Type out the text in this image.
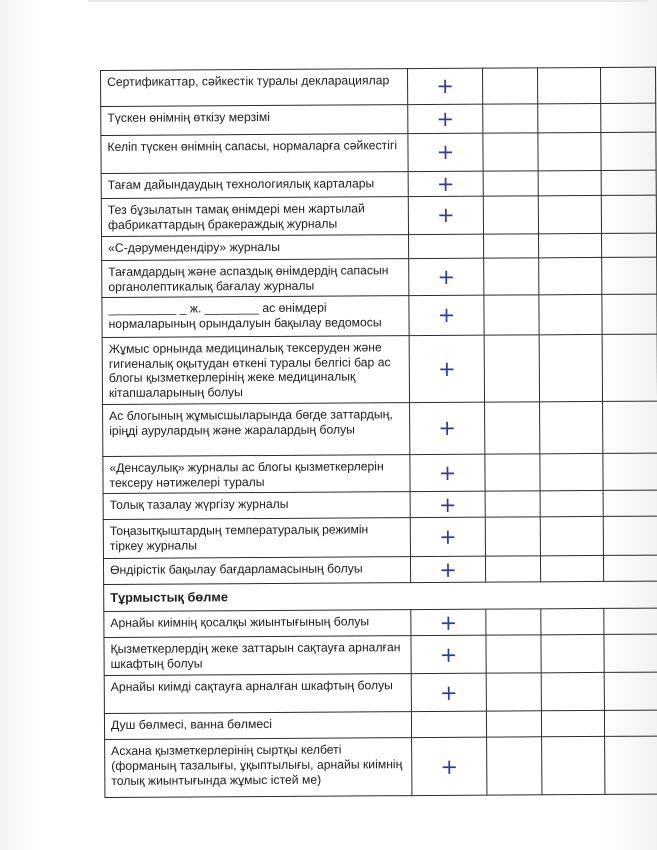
Сертификаттар, сәйкестік туралы декларациялар	+			
Түскен өнімнің өткізу мерзімі	+			
Келіп түскен өнімнің сапасы, нормаларға сәйкестігі	+			
Тағам дайындаудың технологиялық карталары	+			
Тез бұзылатын тамақ өнімдері мен жартылай фабрикаттардың бракераждық журналы	+			
«С-дәрумендендіру» журналы				
Тағамдардың және аспаздық өнімдердің сапасын органолептикалық бағалау журналы	+			
__________ _ ж. ________ ас өнімдері нормаларының орындалуын бақылау ведомосы	+			
Жұмыс орнында медициналық тексеруден және гигиеналық оқытудан өткені туралы белгісі бар ас блогы қызметкерлерінің жеке медициналық кітапшаларының болуы	+			
Ас блогының жұмысшыларында бөгде заттардың, іріңді аурулардың және жаралардың болуы	+			
«Денсаулық» журналы ас блогы қызметкерлерін тексеру нәтижелері туралы	+			
Толық тазалау жүргізу журналы	+			
Тоңазытқыштардың температуралық режимін тіркеу журналы	+			
Өндірістік бақылау бағдарламасының болуы	+			
Тұрмыстық бөлме				
Арнайы киімнің қосалқы жиынтығының болуы	+			
Қызметкерлердің жеке заттарын сақтауға арналған шкафтың болуы	+			
Арнайы киімді сақтауға арналған шкафтың болуы	+			
Душ бөлмесі, ванна бөлмесі				
Асхана қызметкерлерінің сыртқы келбеті (форманың тазалығы, ұқыптылығы, арнайы киімнің толық жиынтығында жұмыс істей ме)	+			
